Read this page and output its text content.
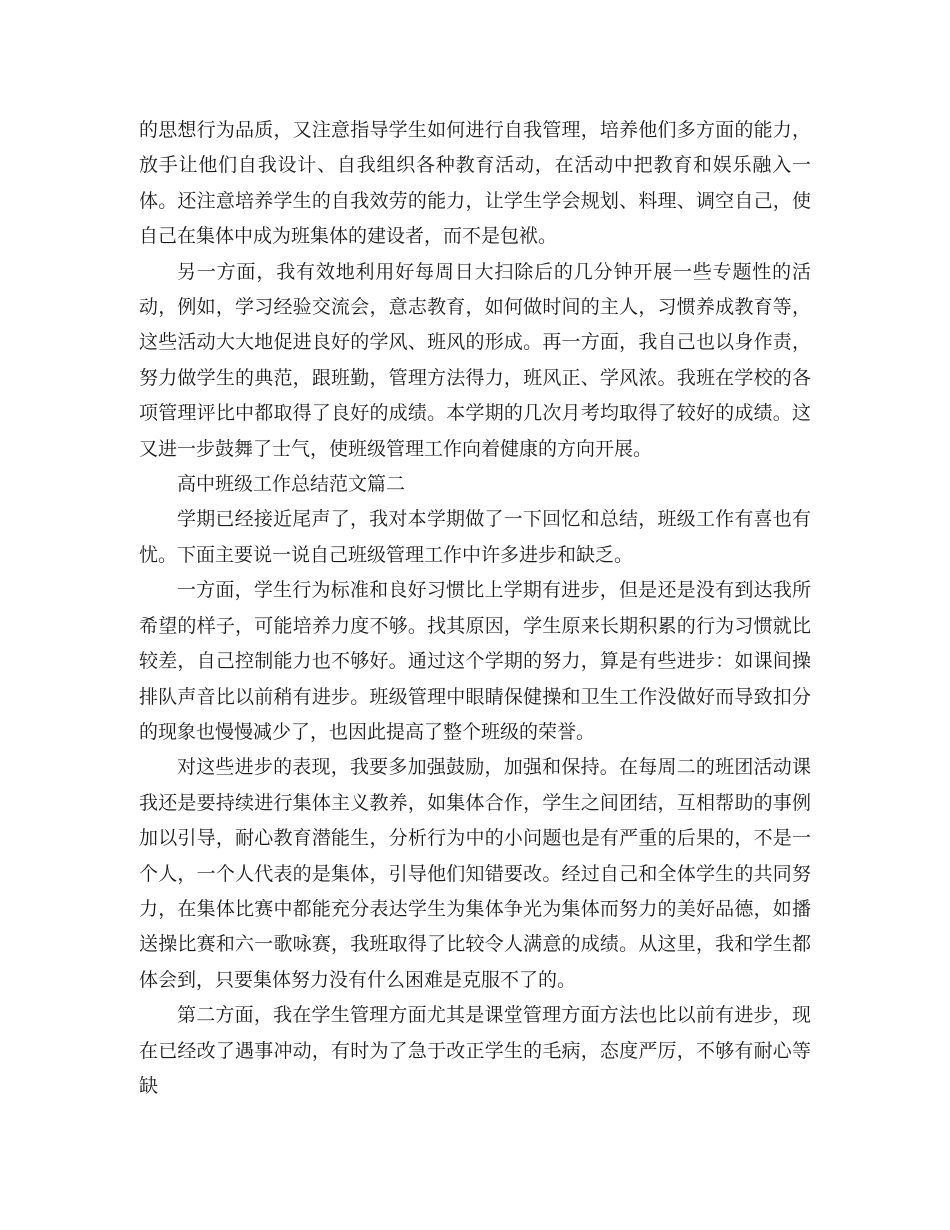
的思想行为品质，又注意指导学生如何进行自我管理，培养他们多方面的能力，放手让他们自我设计、自我组织各种教育活动，在活动中把教育和娱乐融入一体。还注意培养学生的自我效劳的能力，让学生学会规划、料理、调空自己，使自己在集体中成为班集体的建设者，而不是包袱。

另一方面，我有效地利用好每周日大扫除后的几分钟开展一些专题性的活动，例如，学习经验交流会，意志教育，如何做时间的主人，习惯养成教育等，这些活动大大地促进良好的学风、班风的形成。再一方面，我自己也以身作责，努力做学生的典范，跟班勤，管理方法得力，班风正、学风浓。我班在学校的各项管理评比中都取得了良好的成绩。本学期的几次月考均取得了较好的成绩。这又进一步鼓舞了士气，使班级管理工作向着健康的方向开展。

高中班级工作总结范文篇二

学期已经接近尾声了，我对本学期做了一下回忆和总结，班级工作有喜也有忧。下面主要说一说自己班级管理工作中许多进步和缺乏。

一方面，学生行为标准和良好习惯比上学期有进步，但是还是没有到达我所希望的样子，可能培养力度不够。找其原因，学生原来长期积累的行为习惯就比较差，自己控制能力也不够好。通过这个学期的努力，算是有些进步：如课间操排队声音比以前稍有进步。班级管理中眼睛保健操和卫生工作没做好而导致扣分的现象也慢慢减少了，也因此提高了整个班级的荣誉。

对这些进步的表现，我要多加强鼓励，加强和保持。在每周二的班团活动课我还是要持续进行集体主义教养，如集体合作，学生之间团结，互相帮助的事例加以引导，耐心教育潜能生，分析行为中的小问题也是有严重的后果的，不是一个人，一个人代表的是集体，引导他们知错要改。经过自己和全体学生的共同努力，在集体比赛中都能充分表达学生为集体争光为集体而努力的美好品德，如播送操比赛和六一歌咏赛，我班取得了比较令人满意的成绩。从这里，我和学生都体会到，只要集体努力没有什么困难是克服不了的。

第二方面，我在学生管理方面尤其是课堂管理方面方法也比以前有进步，现在已经改了遇事冲动，有时为了急于改正学生的毛病，态度严厉，不够有耐心等缺
